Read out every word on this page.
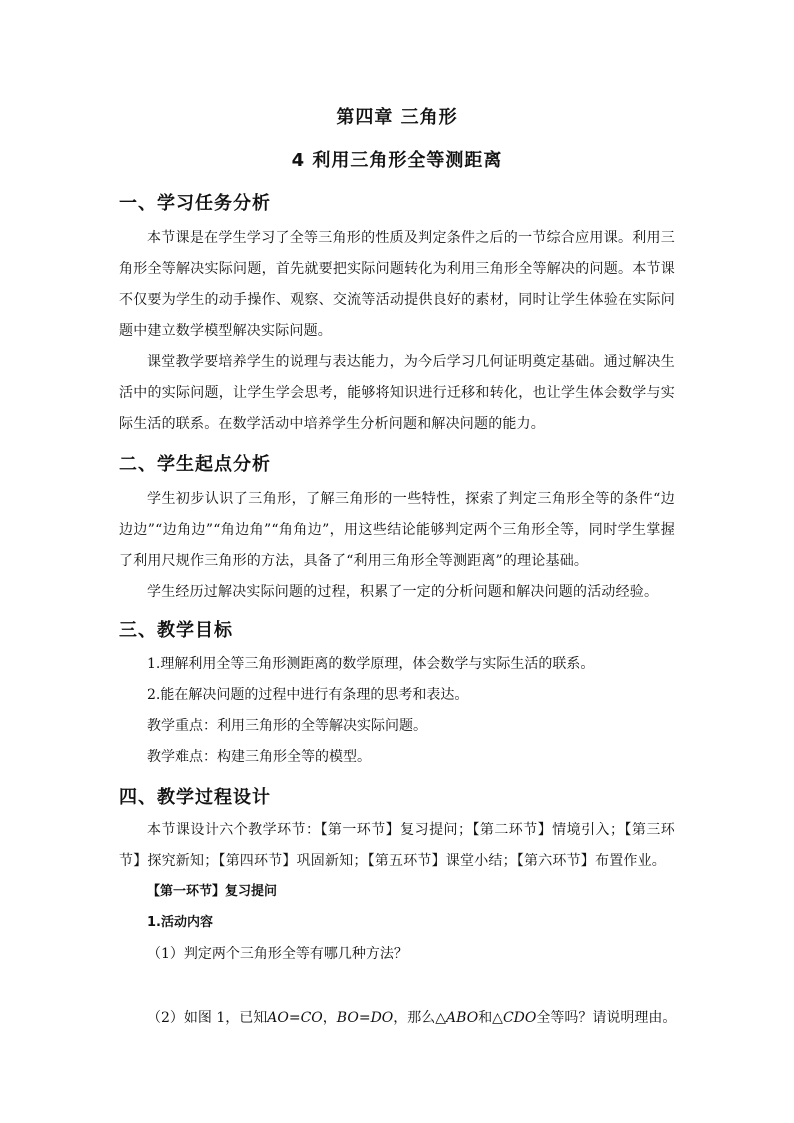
第四章 三角形
4 利用三角形全等测距离
一、学习任务分析
本节课是在学生学习了全等三角形的性质及判定条件之后的一节综合应用课。利用三角形全等解决实际问题，首先就要把实际问题转化为利用三角形全等解决的问题。本节课不仅要为学生的动手操作、观察、交流等活动提供良好的素材，同时让学生体验在实际问题中建立数学模型解决实际问题。
课堂教学要培养学生的说理与表达能力，为今后学习几何证明奠定基础。通过解决生活中的实际问题，让学生学会思考，能够将知识进行迁移和转化，也让学生体会数学与实际生活的联系。在数学活动中培养学生分析问题和解决问题的能力。
二、学生起点分析
学生初步认识了三角形，了解三角形的一些特性，探索了判定三角形全等的条件“边边边”“边角边”“角边角”“角角边”，用这些结论能够判定两个三角形全等，同时学生掌握了利用尺规作三角形的方法，具备了“利用三角形全等测距离”的理论基础。
学生经历过解决实际问题的过程，积累了一定的分析问题和解决问题的活动经验。
三、教学目标
1.理解利用全等三角形测距离的数学原理，体会数学与实际生活的联系。
2.能在解决问题的过程中进行有条理的思考和表达。
教学重点：利用三角形的全等解决实际问题。
教学难点：构建三角形全等的模型。
四、教学过程设计
本节课设计六个教学环节：【第一环节】复习提问；【第二环节】情境引入；【第三环节】探究新知；【第四环节】巩固新知；【第五环节】课堂小结；【第六环节】布置作业。
【第一环节】复习提问
1.活动内容
（1）判定两个三角形全等有哪几种方法？
（2）如图 1，已知AO=CO，BO=DO，那么△ABO和△CDO全等吗？请说明理由。
